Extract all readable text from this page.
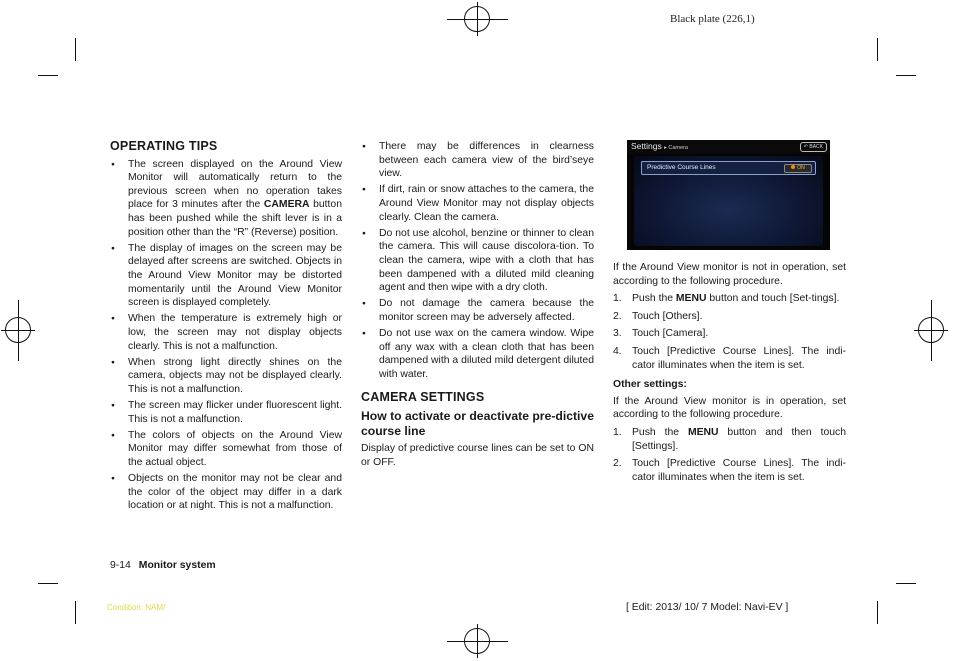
Black plate (226,1)
OPERATING TIPS
● The screen displayed on the Around View Monitor will automatically return to the previous screen when no operation takes place for 3 minutes after the CAMERA button has been pushed while the shift lever is in a position other than the “R” (Reverse) position.
● The display of images on the screen may be delayed after screens are switched. Objects in the Around View Monitor may be distorted momentarily until the Around View Monitor screen is displayed completely.
● When the temperature is extremely high or low, the screen may not display objects clearly. This is not a malfunction.
● When strong light directly shines on the camera, objects may not be displayed clearly. This is not a malfunction.
● The screen may flicker under fluorescent light. This is not a malfunction.
● The colors of objects on the Around View Monitor may differ somewhat from those of the actual object.
● Objects on the monitor may not be clear and the color of the object may differ in a dark location or at night. This is not a malfunction.
● There may be differences in clearness between each camera view of the bird’seye view.
● If dirt, rain or snow attaches to the camera, the Around View Monitor may not display objects clearly. Clean the camera.
● Do not use alcohol, benzine or thinner to clean the camera. This will cause discolora-tion. To clean the camera, wipe with a cloth that has been dampened with a diluted mild cleaning agent and then wipe with a dry cloth.
● Do not damage the camera because the monitor screen may be adversely affected.
● Do not use wax on the camera window. Wipe off any wax with a clean cloth that has been dampened with a diluted mild detergent diluted with water.
CAMERA SETTINGS
How to activate or deactivate pre-dictive course line

Display of predictive course lines can be set to ON or OFF.

Settings ▸ Camera	↶ BACK
Predictive Course Lines	ON

If the Around View monitor is not in operation, set according to the following procedure.

1. Push the MENU button and touch [Set-tings].
2. Touch [Others].
3. Touch [Camera].
4. Touch [Predictive Course Lines]. The indi-cator illuminates when the item is set.
Other settings:

If the Around View monitor is in operation, set according to the following procedure.

1. Push the MENU button and then touch [Settings].
2. Touch [Predictive Course Lines]. The indi-cator illuminates when the item is set.
9-14 Monitor system
Condition: NAM/	[ Edit: 2013/ 10/ 7 Model: Navi-EV ]
